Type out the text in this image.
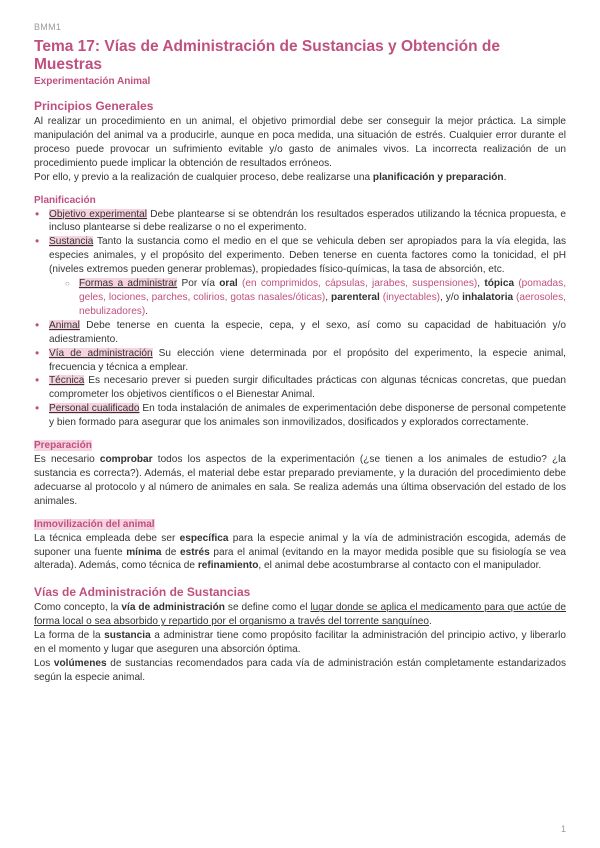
BMM1
Tema 17: Vías de Administración de Sustancias y Obtención de Muestras
Experimentación Animal
Principios Generales

Al realizar un procedimiento en un animal, el objetivo primordial debe ser conseguir la mejor práctica. La simple manipulación del animal va a producirle, aunque en poca medida, una situación de estrés. Cualquier error durante el proceso puede provocar un sufrimiento evitable y/o gasto de animales vivos. La incorrecta realización de un procedimiento puede implicar la obtención de resultados erróneos.

Por ello, y previo a la realización de cualquier proceso, debe realizarse una planificación y preparación.

Planificación
• Objetivo experimental Debe plantearse si se obtendrán los resultados esperados utilizando la técnica propuesta, e incluso plantearse si debe realizarse o no el experimento.
• Sustancia Tanto la sustancia como el medio en el que se vehicula deben ser apropiados para la vía elegida, las especies animales, y el propósito del experimento. Deben tenerse en cuenta factores como la tonicidad, el pH (niveles extremos pueden generar problemas), propiedades físico-químicas, la tasa de absorción, etc.
○ Formas a administrar Por vía oral (en comprimidos, cápsulas, jarabes, suspensiones), tópica (pomadas, geles, lociones, parches, colirios, gotas nasales/óticas), parenteral (inyectables), y/o inhalatoria (aerosoles, nebulizadores).
• Animal Debe tenerse en cuenta la especie, cepa, y el sexo, así como su capacidad de habituación y/o adiestramiento.
• Vía de administración Su elección viene determinada por el propósito del experimento, la especie animal, frecuencia y técnica a emplear.
• Técnica Es necesario prever si pueden surgir dificultades prácticas con algunas técnicas concretas, que puedan comprometer los objetivos científicos o el Bienestar Animal.
• Personal cualificado En toda instalación de animales de experimentación debe disponerse de personal competente y bien formado para asegurar que los animales son inmovilizados, dosificados y explorados correctamente.
Preparación

Es necesario comprobar todos los aspectos de la experimentación (¿se tienen a los animales de estudio? ¿la sustancia es correcta?). Además, el material debe estar preparado previamente, y la duración del procedimiento debe adecuarse al protocolo y al número de animales en sala. Se realiza además una última observación del estado de los animales.

Inmovilización del animal

La técnica empleada debe ser específica para la especie animal y la vía de administración escogida, además de suponer una fuente mínima de estrés para el animal (evitando en la mayor medida posible que su fisiología se vea alterada). Además, como técnica de refinamiento, el animal debe acostumbrarse al contacto con el manipulador.

Vías de Administración de Sustancias

Como concepto, la vía de administración se define como el lugar donde se aplica el medicamento para que actúe de forma local o sea absorbido y repartido por el organismo a través del torrente sanguíneo.

La forma de la sustancia a administrar tiene como propósito facilitar la administración del principio activo, y liberarlo en el momento y lugar que aseguren una absorción óptima.

Los volúmenes de sustancias recomendados para cada vía de administración están completamente estandarizados según la especie animal.

1
